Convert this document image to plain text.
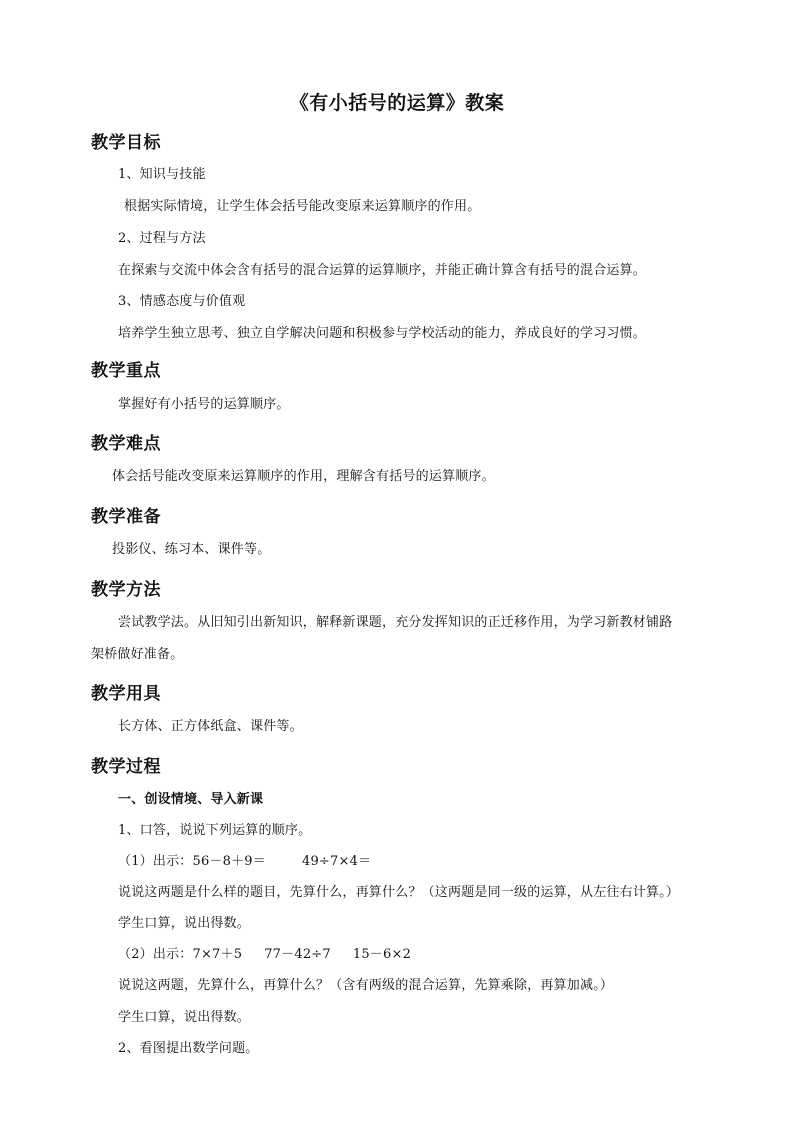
《有小括号的运算》教案
教学目标
1、知识与技能
根据实际情境，让学生体会括号能改变原来运算顺序的作用。
2、过程与方法
在探索与交流中体会含有括号的混合运算的运算顺序，并能正确计算含有括号的混合运算。
3、情感态度与价值观
培养学生独立思考、独立自学解决问题和积极参与学校活动的能力，养成良好的学习习惯。
教学重点
掌握好有小括号的运算顺序。
教学难点
体会括号能改变原来运算顺序的作用，理解含有括号的运算顺序。
教学准备
投影仪、练习本、课件等。
教学方法
尝试教学法。从旧知引出新知识，解释新课题，充分发挥知识的正迁移作用，为学习新教材铺路
架桥做好准备。
教学用具
长方体、正方体纸盒、课件等。
教学过程
一、创设情境、导入新课
1、口答，说说下列运算的顺序。
（1）出示：56－8＋9＝	49÷7×4＝
说说这两题是什么样的题目，先算什么，再算什么？（这两题是同一级的运算，从左往右计算。）
学生口算，说出得数。
（2）出示：7×7＋5 77－42÷7 15－6×2
说说这两题，先算什么，再算什么？（含有两级的混合运算，先算乘除，再算加减。）
学生口算，说出得数。
2、看图提出数学问题。
